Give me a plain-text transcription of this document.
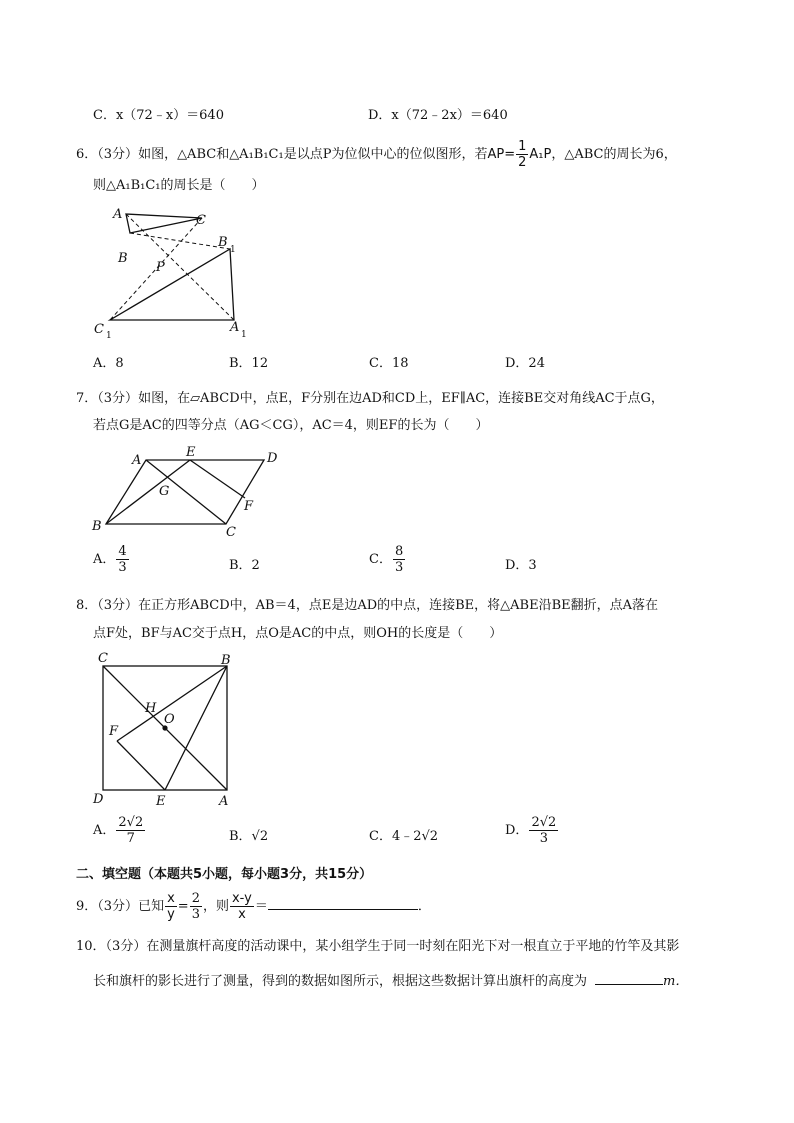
C．x（72﹣x）＝640	D．x（72﹣2x）＝640
6．（3分）如图，△ABC和△A₁B₁C₁是以点P为位似中心的位似图形，若$AP= \frac{1}{2} A_1P$，△ABC的周长为6，
则△A₁B₁C₁的周长是（　　）
A	C
B
P
B 1
C 1
A 1
A．8	B．12	C．18	D．24
7．（3分）如图，在▱ABCD中，点E，F分别在边AD和CD上，EF∥AC，连接BE交对角线AC于点G，
若点G是AC的四等分点（AG＜CG），AC＝4，则EF的长为（　　）
A
E	D
G
F
B	C
A． $\frac{4}{3}$	B．2	C． $\frac{8}{3}$	D．3
8．（3分）在正方形ABCD中，AB＝4，点E是边AD的中点，连接BE，将△ABE沿BE翻折，点A落在
点F处，BF与AC交于点H，点O是AC的中点，则OH的长度是（　　）
C	B
H
O
F
D	E	A
A． $\frac{2√2}{7}$	B．√2	C．4﹣2√2	D． $\frac{2√2}{3}$
二、填空题（本题共5小题，每小题3分，共15分）
9．（3分）已知 $\frac{x}{y} = \frac{2}{3}$ ，则 $\frac{x-y}{x}$ ＝	．
10．（3分）在测量旗杆高度的活动课中，某小组学生于同一时刻在阳光下对一根直立于平地的竹竿及其影
长和旗杆的影长进行了测量，得到的数据如图所示，根据这些数据计算出旗杆的高度为	m．
